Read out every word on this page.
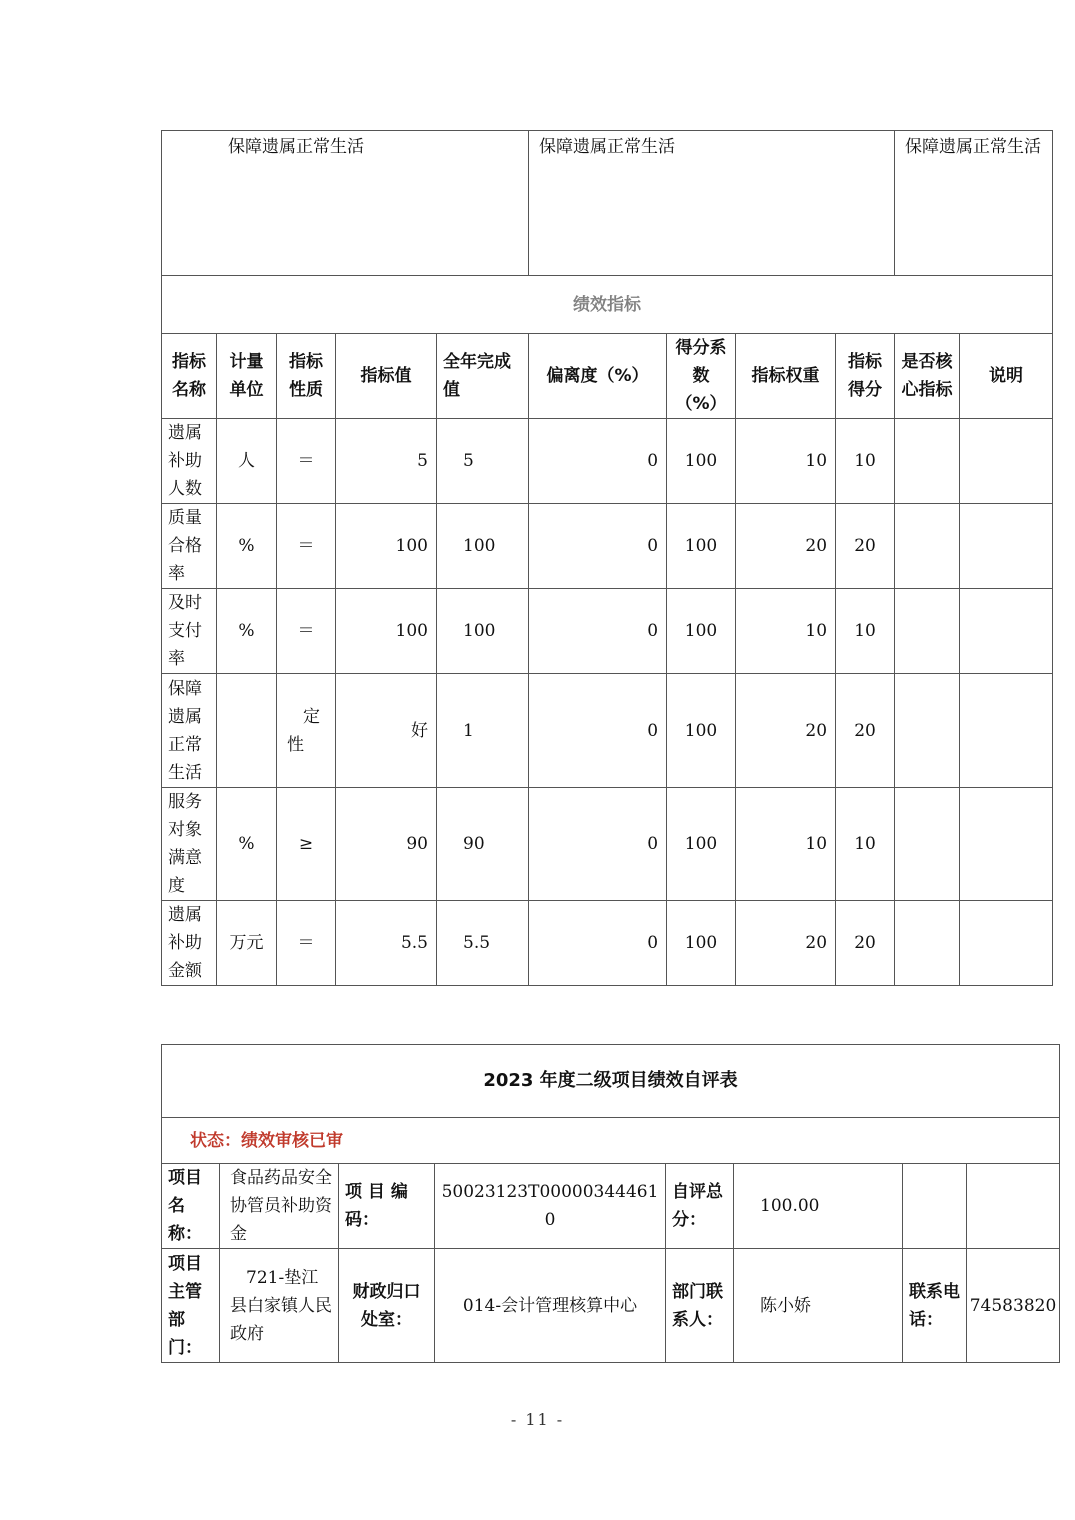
保障遗属正常生活					保障遗属正常生活				保障遗属正常生活	
绩效指标										
指标名称	计量单位	指标性质	指标值	全年完成值	偏离度（%）	得分系数（%）	指标权重	指标得分	是否核心指标	说明
遗属补助人数	人	＝	5	5	0	100	10	10		
质量合格率	%	＝	100	100	0	100	20	20		
及时支付率	%	＝	100	100	0	100	10	10		
保障遗属正常生活		定性	好	1	0	100	20	20		
服务对象满意度	%	≥	90	90	0	100	10	10		
遗属补助金额	万元	＝	5.5	5.5	0	100	20	20		
2023 年度二级项目绩效自评表							
状态：绩效审核已审							
项目名称：	食品药品安全协管员补助资金	项 目 编码：	50023123T000003444610	自评总分：	100.00		
项目主管部门：	721-垫江县白家镇人民政府	财政归口处室：	014-会计管理核算中心	部门联系人：	陈小娇	联系电话：	74583820
- 11 -
